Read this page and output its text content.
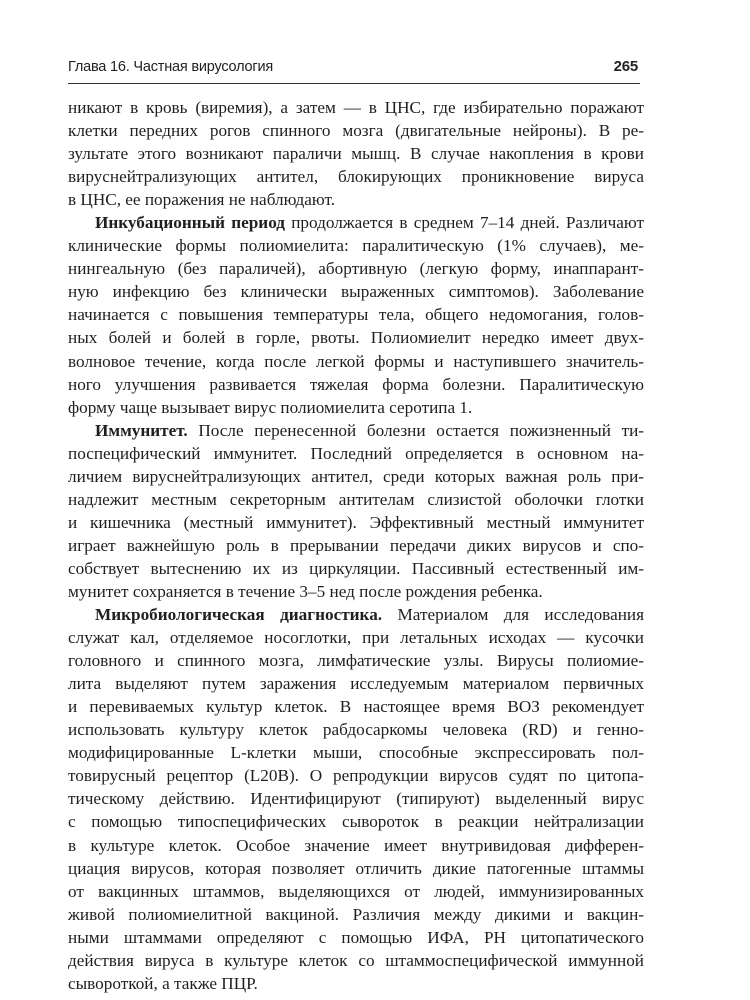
Глава 16. Частная вирусология	265
никают в кровь (виремия), а затем — в ЦНС, где избирательно поражают
клетки передних рогов спинного мозга (двигательные нейроны). В ре-
зультате этого возникают параличи мышц. В случае накопления в крови
вируснейтрализующих антител, блокирующих проникновение вируса
в ЦНС, ее поражения не наблюдают.
Инкубационный период продолжается в среднем 7–14 дней. Различают
клинические формы полиомиелита: паралитическую (1% случаев), ме-
нингеальную (без параличей), абортивную (легкую форму, инаппарант-
ную инфекцию без клинически выраженных симптомов). Заболевание
начинается с повышения температуры тела, общего недомогания, голов-
ных болей и болей в горле, рвоты. Полиомиелит нередко имеет двух-
волновое течение, когда после легкой формы и наступившего значитель-
ного улучшения развивается тяжелая форма болезни. Паралитическую
форму чаще вызывает вирус полиомиелита серотипа 1.
Иммунитет. После перенесенной болезни остается пожизненный ти-
поспецифический иммунитет. Последний определяется в основном на-
личием вируснейтрализующих антител, среди которых важная роль при-
надлежит местным секреторным антителам слизистой оболочки глотки
и кишечника (местный иммунитет). Эффективный местный иммунитет
играет важнейшую роль в прерывании передачи диких вирусов и спо-
собствует вытеснению их из циркуляции. Пассивный естественный им-
мунитет сохраняется в течение 3–5 нед после рождения ребенка.
Микробиологическая диагностика. Материалом для исследования
служат кал, отделяемое носоглотки, при летальных исходах — кусочки
головного и спинного мозга, лимфатические узлы. Вирусы полиомие-
лита выделяют путем заражения исследуемым материалом первичных
и перевиваемых культур клеток. В настоящее время ВОЗ рекомендует
использовать культуру клеток рабдосаркомы человека (RD) и генно-
модифицированные L-клетки мыши, способные экспрессировать пол-
товирусный рецептор (L20B). О репродукции вирусов судят по цитопа-
тическому действию. Идентифицируют (типируют) выделенный вирус
с помощью типоспецифических сывороток в реакции нейтрализации
в культуре клеток. Особое значение имеет внутривидовая дифферен-
циация вирусов, которая позволяет отличить дикие патогенные штаммы
от вакцинных штаммов, выделяющихся от людей, иммунизированных
живой полиомиелитной вакциной. Различия между дикими и вакцин-
ными штаммами определяют с помощью ИФА, РН цитопатического
действия вируса в культуре клеток со штаммоспецифической иммунной
сывороткой, а также ПЦР.
